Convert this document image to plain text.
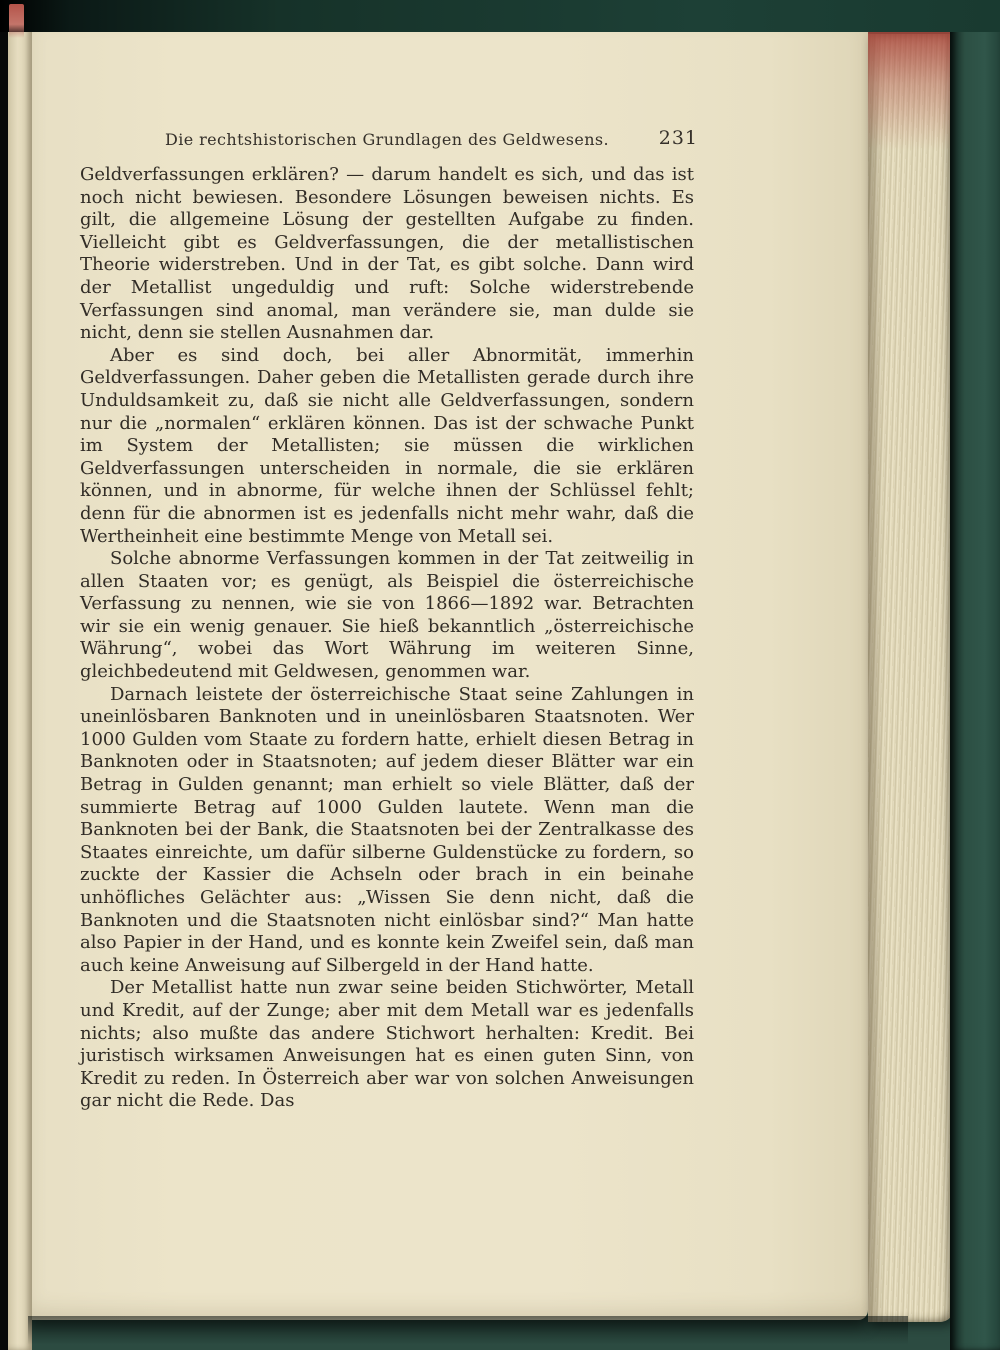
Die rechtshistorischen Grundlagen des Geldwesens.	231

Geldverfassungen erklären? — darum handelt es sich, und das ist noch nicht bewiesen. Besondere Lösungen beweisen nichts. Es gilt, die allgemeine Lösung der gestellten Aufgabe zu finden. Vielleicht gibt es Geldverfassungen, die der metallistischen Theorie widerstreben. Und in der Tat, es gibt solche. Dann wird der Metallist ungeduldig und ruft: Solche widerstrebende Verfassungen sind anomal, man verändere sie, man dulde sie nicht, denn sie stellen Ausnahmen dar.

Aber es sind doch, bei aller Abnormität, immerhin Geldverfassungen. Daher geben die Metallisten gerade durch ihre Unduldsamkeit zu, daß sie nicht alle Geldverfassungen, sondern nur die „normalen“ erklären können. Das ist der schwache Punkt im System der Metallisten; sie müssen die wirklichen Geldverfassungen unterscheiden in normale, die sie erklären können, und in abnorme, für welche ihnen der Schlüssel fehlt; denn für die abnormen ist es jedenfalls nicht mehr wahr, daß die Wertheinheit eine bestimmte Menge von Metall sei.

Solche abnorme Verfassungen kommen in der Tat zeitweilig in allen Staaten vor; es genügt, als Beispiel die österreichische Verfassung zu nennen, wie sie von 1866—1892 war. Betrachten wir sie ein wenig genauer. Sie hieß bekanntlich „österreichische Währung“, wobei das Wort Währung im weiteren Sinne, gleichbedeutend mit Geldwesen, genommen war.

Darnach leistete der österreichische Staat seine Zahlungen in uneinlösbaren Banknoten und in uneinlösbaren Staatsnoten. Wer 1000 Gulden vom Staate zu fordern hatte, erhielt diesen Betrag in Banknoten oder in Staatsnoten; auf jedem dieser Blätter war ein Betrag in Gulden genannt; man erhielt so viele Blätter, daß der summierte Betrag auf 1000 Gulden lautete. Wenn man die Banknoten bei der Bank, die Staatsnoten bei der Zentralkasse des Staates einreichte, um dafür silberne Guldenstücke zu fordern, so zuckte der Kassier die Achseln oder brach in ein beinahe unhöfliches Gelächter aus: „Wissen Sie denn nicht, daß die Banknoten und die Staatsnoten nicht einlösbar sind?“ Man hatte also Papier in der Hand, und es konnte kein Zweifel sein, daß man auch keine Anweisung auf Silbergeld in der Hand hatte.

Der Metallist hatte nun zwar seine beiden Stichwörter, Metall und Kredit, auf der Zunge; aber mit dem Metall war es jedenfalls nichts; also mußte das andere Stichwort herhalten: Kredit. Bei juristisch wirksamen Anweisungen hat es einen guten Sinn, von Kredit zu reden. In Österreich aber war von solchen Anweisungen gar nicht die Rede. Das
